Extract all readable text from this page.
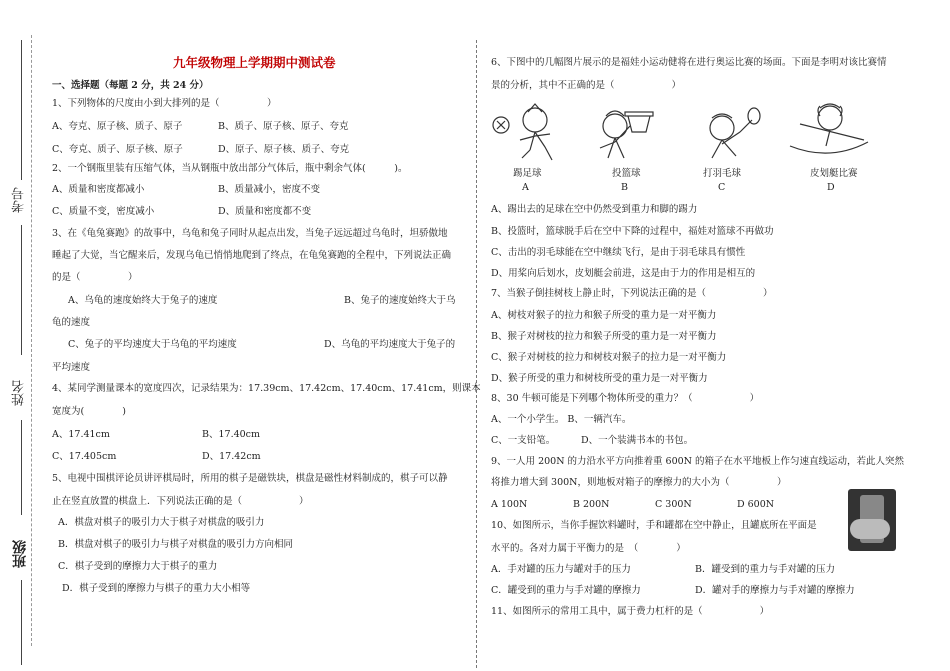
考号
姓名
班级
九年级物理上学期期中测试卷
一、选择题（每题 2 分，共 24 分）
1、下列物体的尺度由小到大排列的是（　　　　　）
A、夸克、原子核、质子、原子	B、质子、原子核、原子、夸克
C、夸克、质子、原子核、原子	D、原子、原子核、质子、夸克
2、一个钢瓶里装有压缩气体，当从钢瓶中放出部分气体后，瓶中剩余气体(　　　)。
A、质量和密度都减小	B、质量减小，密度不变
C、质量不变，密度减小	D、质量和密度都不变
3、在《龟兔赛跑》的故事中，乌龟和兔子同时从起点出发，当兔子远远超过乌龟时，坦骄傲地
睡起了大觉，当它醒来后，发现乌龟已悄悄地爬到了终点，在龟兔赛跑的全程中，下列说法正确
的是（　　　　　）
A、乌龟的速度始终大于兔子的速度	B、兔子的速度始终大于乌
龟的速度
C、兔子的平均速度大于乌龟的平均速度	D、乌龟的平均速度大于兔子的
平均速度
4、某同学测量课本的宽度四次，记录结果为：17.39cm、17.42cm、17.40cm、17.41cm，则课本
宽度为(　　　　)
A、17.41cm	B、17.40cm
C、17.405cm	D、17.42cm
5、电视中围棋评论员讲评棋局时，所用的棋子是磁铁块，棋盘是磁性材料制成的，棋子可以静
止在竖直放置的棋盘上．下列说法正确的是（　　　　　　）
A．棋盘对棋子的吸引力大于棋子对棋盘的吸引力
B．棋盘对棋子的吸引力与棋子对棋盘的吸引力方向相同
C．棋子受到的摩擦力大于棋子的重力
D．棋子受到的摩擦力与棋子的重力大小相等
6、下图中的几幅图片展示的是福娃小运动健将在进行奥运比赛的场面。下面是李明对该比赛情
景的分析，其中不正确的是（　　　　　　）
踢足球
A
投篮球
B
打羽毛球
C
皮划艇比赛
D
A、踢出去的足球在空中仍然受到重力和脚的踢力
B、投篮时，篮球脱手后在空中下降的过程中，福娃对篮球不再做功
C、击出的羽毛球能在空中继续飞行，是由于羽毛球具有惯性
D、用桨向后划水，皮划艇会前进，这是由于力的作用是相互的
7、当猴子倒挂树枝上静止时，下列说法正确的是（　　　　　　）
A、树枝对猴子的拉力和猴子所受的重力是一对平衡力
B、猴子对树枝的拉力和猴子所受的重力是一对平衡力
C、猴子对树枝的拉力和树枝对猴子的拉力是一对平衡力
D、猴子所受的重力和树枝所受的重力是一对平衡力
8、30 牛顿可能是下列哪个物体所受的重力？（　　　　　　）
A、一个小学生。 B、一辆汽车。
C、一支铅笔。	D、一个装满书本的书包。
9、一人用 200N 的力沿水平方向推着重 600N 的箱子在水平地板上作匀速直线运动，若此人突然
将推力增大到 300N，则地板对箱子的摩擦力的大小为（　　　　　）
A 100N	B 200N	C 300N	D 600N
10、如图所示，当你手握饮料罐时，手和罐都在空中静止，且罐底所在平面是
水平的。各对力属于平衡力的是　（　　　　）
A．手对罐的压力与罐对手的压力	B．罐受到的重力与手对罐的压力
C．罐受到的重力与手对罐的摩擦力	D．罐对手的摩擦力与手对罐的摩擦力
11、如图所示的常用工具中，属于费力杠杆的是（　　　　　　）
